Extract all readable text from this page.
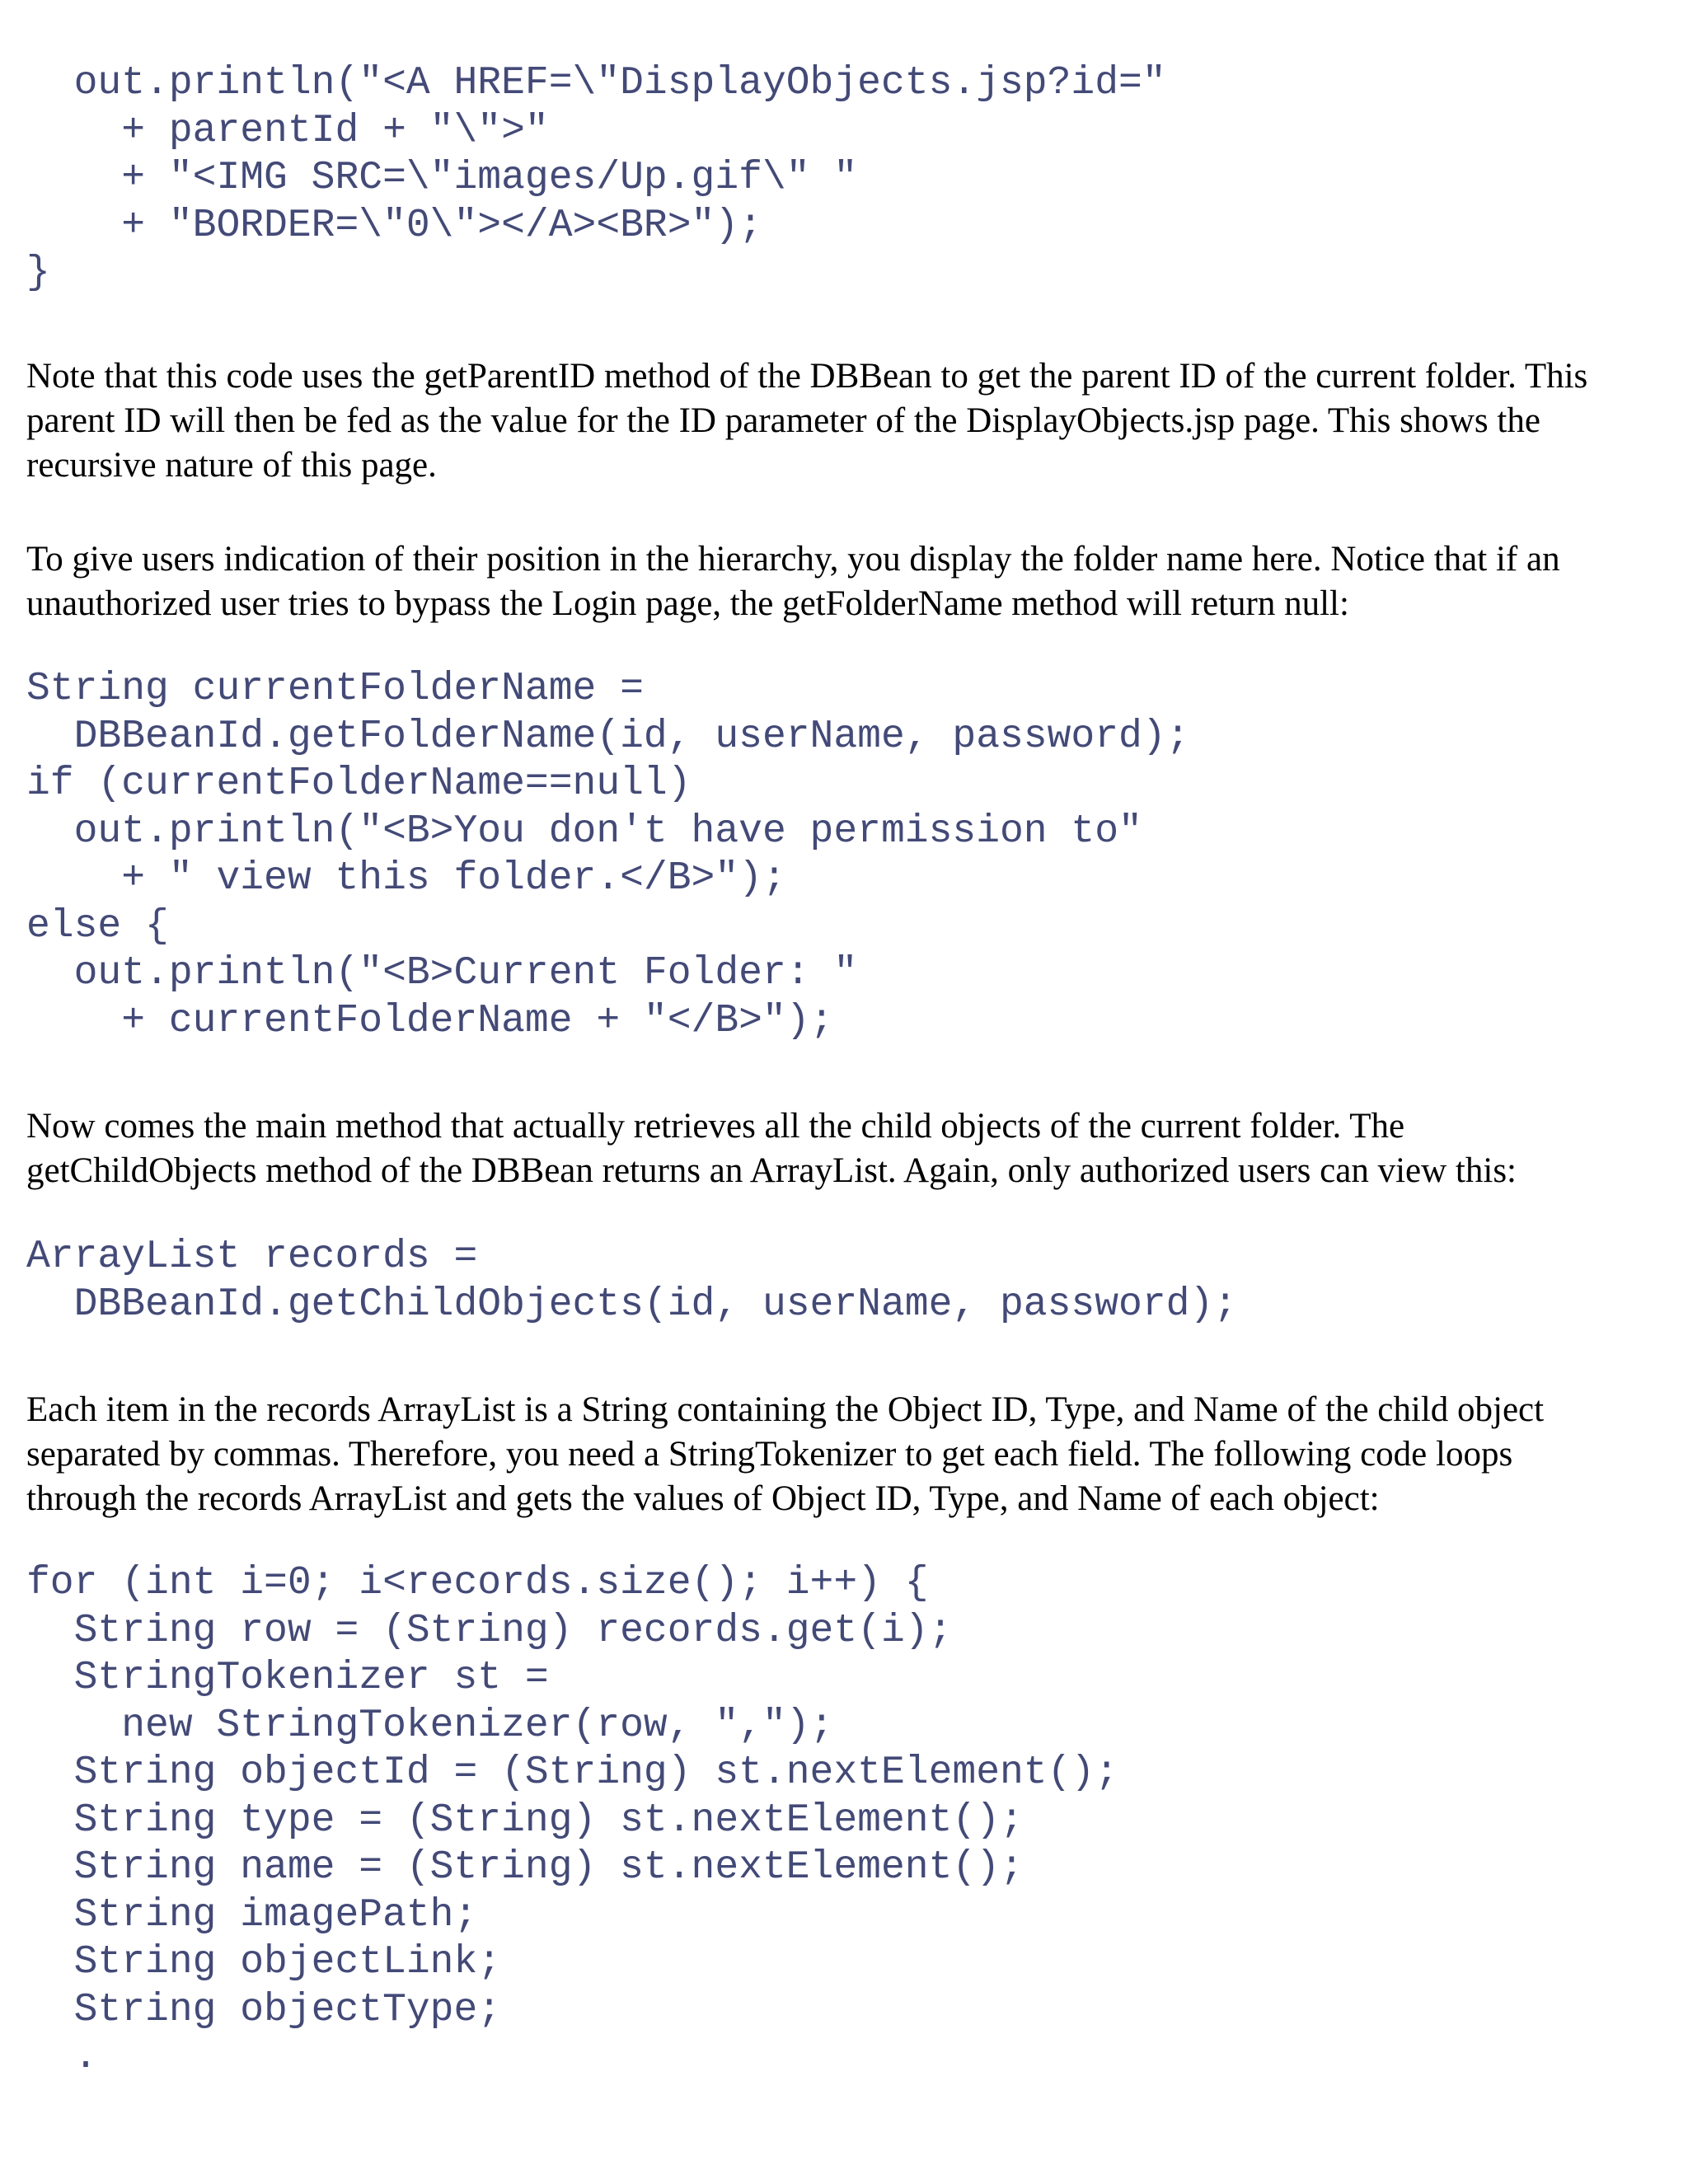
out.println("<A HREF=\"DisplayObjects.jsp?id="
+ parentId + "\">"
+ "<IMG SRC=\"images/Up.gif\" "
+ "BORDER=\"0\"></A><BR>");
}
Note that this code uses the getParentID method of the DBBean to get the parent ID of the current folder. This
parent ID will then be fed as the value for the ID parameter of the DisplayObjects.jsp page. This shows the
recursive nature of this page.
To give users indication of their position in the hierarchy, you display the folder name here. Notice that if an
unauthorized user tries to bypass the Login page, the getFolderName method will return null:
String currentFolderName =
DBBeanId.getFolderName(id, userName, password);
if (currentFolderName==null)
out.println("<B>You don't have permission to"
+ " view this folder.</B>");
else {
out.println("<B>Current Folder: "
+ currentFolderName + "</B>");
Now comes the main method that actually retrieves all the child objects of the current folder. The
getChildObjects method of the DBBean returns an ArrayList. Again, only authorized users can view this:
ArrayList records =
DBBeanId.getChildObjects(id, userName, password);
Each item in the records ArrayList is a String containing the Object ID, Type, and Name of the child object
separated by commas. Therefore, you need a StringTokenizer to get each field. The following code loops
through the records ArrayList and gets the values of Object ID, Type, and Name of each object:
for (int i=0; i<records.size(); i++) {
String row = (String) records.get(i);
StringTokenizer st =
new StringTokenizer(row, ",");
String objectId = (String) st.nextElement();
String type = (String) st.nextElement();
String name = (String) st.nextElement();
String imagePath;
String objectLink;
String objectType;
.
